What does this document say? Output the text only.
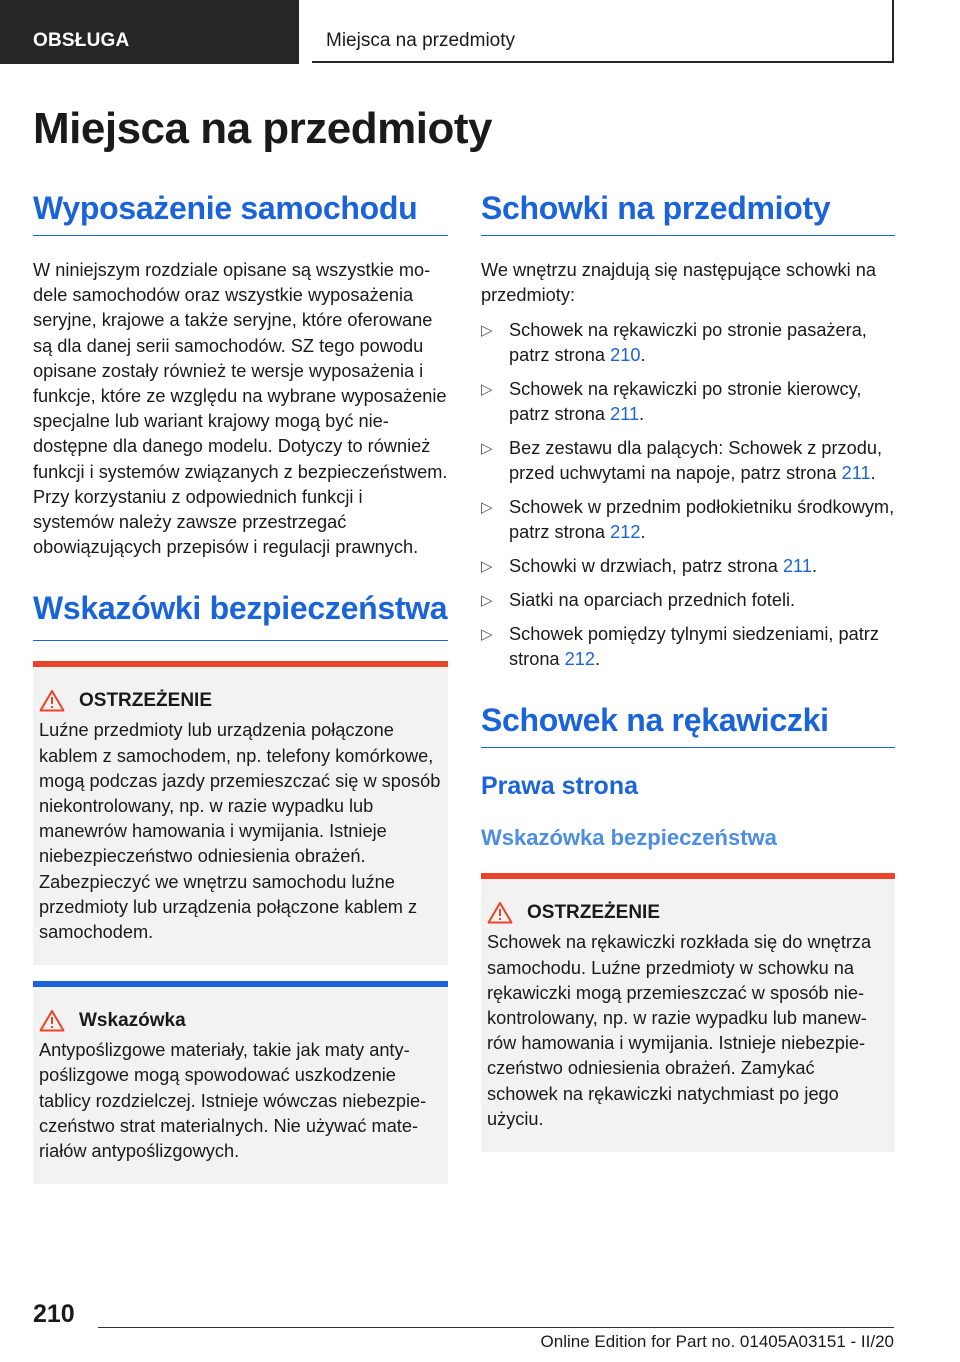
OBSŁUGA	Miejsca na przedmioty
Miejsca na przedmioty
Wyposażenie samochodu

W niniejszym rozdziale opisane są wszystkie modele samochodów oraz wszystkie wyposażenia seryjne, krajowe a także seryjne, które oferowane są dla danej serii samochodów. SZ tego powodu opisane zostały również te wersje wyposażenia i funkcje, które ze względu na wybrane wyposażenie specjalne lub wariant krajowy mogą być niedostępne dla danego modelu. Dotyczy to również funkcji i systemów związanych z bezpieczeństwem. Przy korzystaniu z odpowiednich funkcji i systemów należy zawsze przestrzegać obowiązujących przepisów i regulacji prawnych.

Wskazówki bezpieczeństwa
OSTRZEŻENIE

Luźne przedmioty lub urządzenia połączone kablem z samochodem, np. telefony komórkowe, mogą podczas jazdy przemieszczać się w sposób niekontrolowany, np. w razie wypadku lub manewrów hamowania i wymijania. Istnieje niebezpieczeństwo odniesienia obrażeń. Zabezpieczyć we wnętrzu samochodu luźne przedmioty lub urządzenia połączone kablem z samochodem.

Wskazówka

Antypoślizgowe materiały, takie jak maty antypoślizgowe mogą spowodować uszkodzenie tablicy rozdzielczej. Istnieje wówczas niebezpieczeństwo strat materialnych. Nie używać materiałów antypoślizgowych.

Schowki na przedmioty

We wnętrzu znajdują się następujące schowki na przedmioty:

▷ Schowek na rękawiczki po stronie pasażera, patrz strona 210.
▷ Schowek na rękawiczki po stronie kierowcy, patrz strona 211.
▷ Bez zestawu dla palących: Schowek z przodu, przed uchwytami na napoje, patrz strona 211.
▷ Schowek w przednim podłokietniku środkowym, patrz strona 212.
▷ Schowki w drzwiach, patrz strona 211.
▷ Siatki na oparciach przednich foteli.
▷ Schowek pomiędzy tylnymi siedzeniami, patrz strona 212.
Schowek na rękawiczki
Prawa strona
Wskazówka bezpieczeństwa
OSTRZEŻENIE

Schowek na rękawiczki rozkłada się do wnętrza samochodu. Luźne przedmioty w schowku na rękawiczki mogą przemieszczać w sposób niekontrolowany, np. w razie wypadku lub manewrów hamowania i wymijania. Istnieje niebezpieczeństwo odniesienia obrażeń. Zamykać schowek na rękawiczki natychmiast po jego użyciu.

210
Online Edition for Part no. 01405A03151 - II/20
